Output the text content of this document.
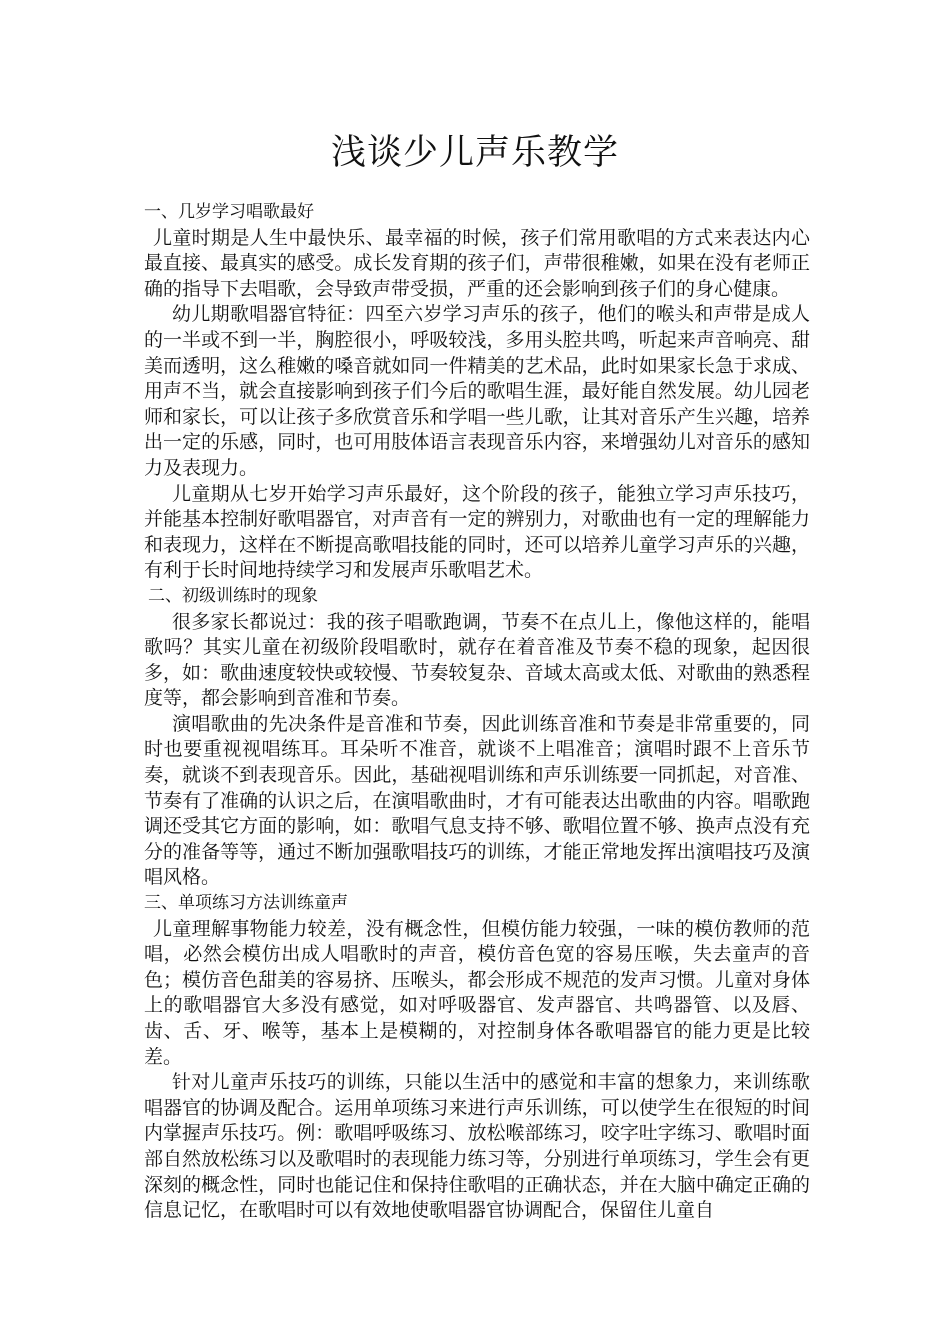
浅谈少儿声乐教学

一、几岁学习唱歌最好

儿童时期是人生中最快乐、最幸福的时候，孩子们常用歌唱的方式来表达内心最直接、最真实的感受。成长发育期的孩子们，声带很稚嫩，如果在没有老师正确的指导下去唱歌，会导致声带受损，严重的还会影响到孩子们的身心健康。

幼儿期歌唱器官特征：四至六岁学习声乐的孩子，他们的喉头和声带是成人的一半或不到一半，胸腔很小，呼吸较浅，多用头腔共鸣，听起来声音响亮、甜美而透明，这么稚嫩的嗓音就如同一件精美的艺术品，此时如果家长急于求成、用声不当，就会直接影响到孩子们今后的歌唱生涯，最好能自然发展。幼儿园老师和家长，可以让孩子多欣赏音乐和学唱一些儿歌，让其对音乐产生兴趣，培养出一定的乐感，同时，也可用肢体语言表现音乐内容，来增强幼儿对音乐的感知力及表现力。

儿童期从七岁开始学习声乐最好，这个阶段的孩子，能独立学习声乐技巧，并能基本控制好歌唱器官，对声音有一定的辨别力，对歌曲也有一定的理解能力和表现力，这样在不断提高歌唱技能的同时，还可以培养儿童学习声乐的兴趣，有利于长时间地持续学习和发展声乐歌唱艺术。

二、初级训练时的现象

很多家长都说过：我的孩子唱歌跑调，节奏不在点儿上，像他这样的，能唱歌吗？其实儿童在初级阶段唱歌时，就存在着音准及节奏不稳的现象，起因很多，如：歌曲速度较快或较慢、节奏较复杂、音域太高或太低、对歌曲的熟悉程度等，都会影响到音准和节奏。

演唱歌曲的先决条件是音准和节奏，因此训练音准和节奏是非常重要的，同时也要重视视唱练耳。耳朵听不准音，就谈不上唱准音；演唱时跟不上音乐节奏，就谈不到表现音乐。因此，基础视唱训练和声乐训练要一同抓起，对音准、节奏有了准确的认识之后，在演唱歌曲时，才有可能表达出歌曲的内容。唱歌跑调还受其它方面的影响，如：歌唱气息支持不够、歌唱位置不够、换声点没有充分的准备等等，通过不断加强歌唱技巧的训练，才能正常地发挥出演唱技巧及演唱风格。

三、单项练习方法训练童声

儿童理解事物能力较差，没有概念性，但模仿能力较强，一味的模仿教师的范唱，必然会模仿出成人唱歌时的声音，模仿音色宽的容易压喉，失去童声的音色；模仿音色甜美的容易挤、压喉头，都会形成不规范的发声习惯。儿童对身体上的歌唱器官大多没有感觉，如对呼吸器官、发声器官、共鸣器管、以及唇、齿、舌、牙、喉等，基本上是模糊的，对控制身体各歌唱器官的能力更是比较差。

针对儿童声乐技巧的训练，只能以生活中的感觉和丰富的想象力，来训练歌唱器官的协调及配合。运用单项练习来进行声乐训练，可以使学生在很短的时间内掌握声乐技巧。例：歌唱呼吸练习、放松喉部练习，咬字吐字练习、歌唱时面部自然放松练习以及歌唱时的表现能力练习等，分别进行单项练习，学生会有更深刻的概念性，同时也能记住和保持住歌唱的正确状态，并在大脑中确定正确的信息记忆，在歌唱时可以有效地使歌唱器官协调配合，保留住儿童自
